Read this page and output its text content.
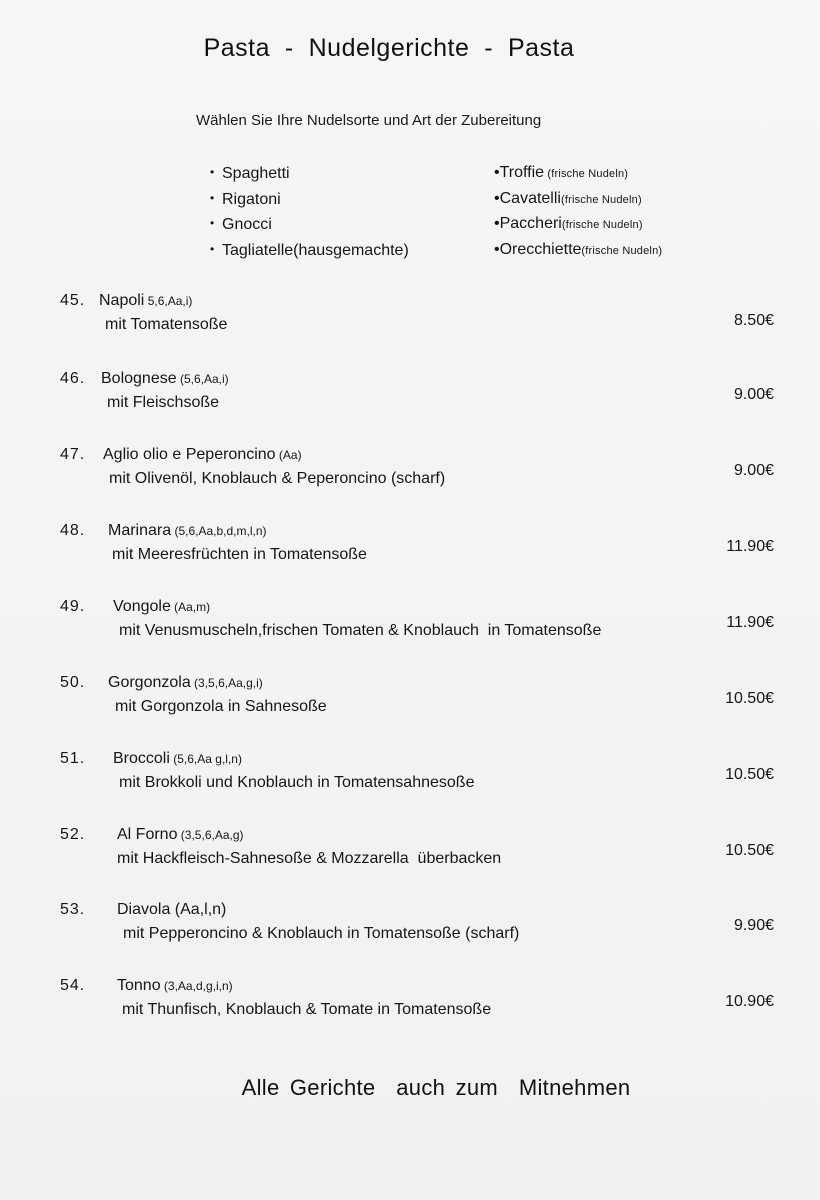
Pasta  -  Nudelgerichte  -  Pasta
Wählen Sie Ihre Nudelsorte und Art der Zubereitung
• Spaghetti
• Rigatoni
• Gnocci
• Tagliatelle(hausgemachte)
•Troffie (frische Nudeln)
•Cavatelli(frische Nudeln)
•Paccheri(frische Nudeln)
•Orecchiette(frische Nudeln)
45. Napoli 5,6,Aa,i)
mit Tomatensoße	8.50€
46. Bolognese (5,6,Aa,i)
mit Fleischsoße	9.00€
47. Aglio olio e Peperoncino (Aa)
mit Olivenöl, Knoblauch & Peperoncino (scharf)	9.00€
48. Marinara (5,6,Aa,b,d,m,l,n)
mit Meeresfrüchten in Tomatensoße	11.90€
49. Vongole (Aa,m)
mit Venusmuscheln,frischen Tomaten & Knoblauch  in Tomatensoße	11.90€
50. Gorgonzola (3,5,6,Aa,g,i)
mit Gorgonzola in Sahnesoße	10.50€
51. Broccoli (5,6,Aa g,l,n)
mit Brokkoli und Knoblauch in Tomatensahnesoße	10.50€
52. Al Forno (3,5,6,Aa,g)
mit Hackfleisch-Sahnesoße & Mozzarella  überbacken	10.50€
53. Diavola (Aa,l,n)
mit Pepperoncino & Knoblauch in Tomatensoße (scharf)	9.90€
54. Tonno (3,Aa,d,g,i,n)
mit Thunfisch, Knoblauch & Tomate in Tomatensoße	10.90€
Alle Gerichte  auch zum  Mitnehmen
